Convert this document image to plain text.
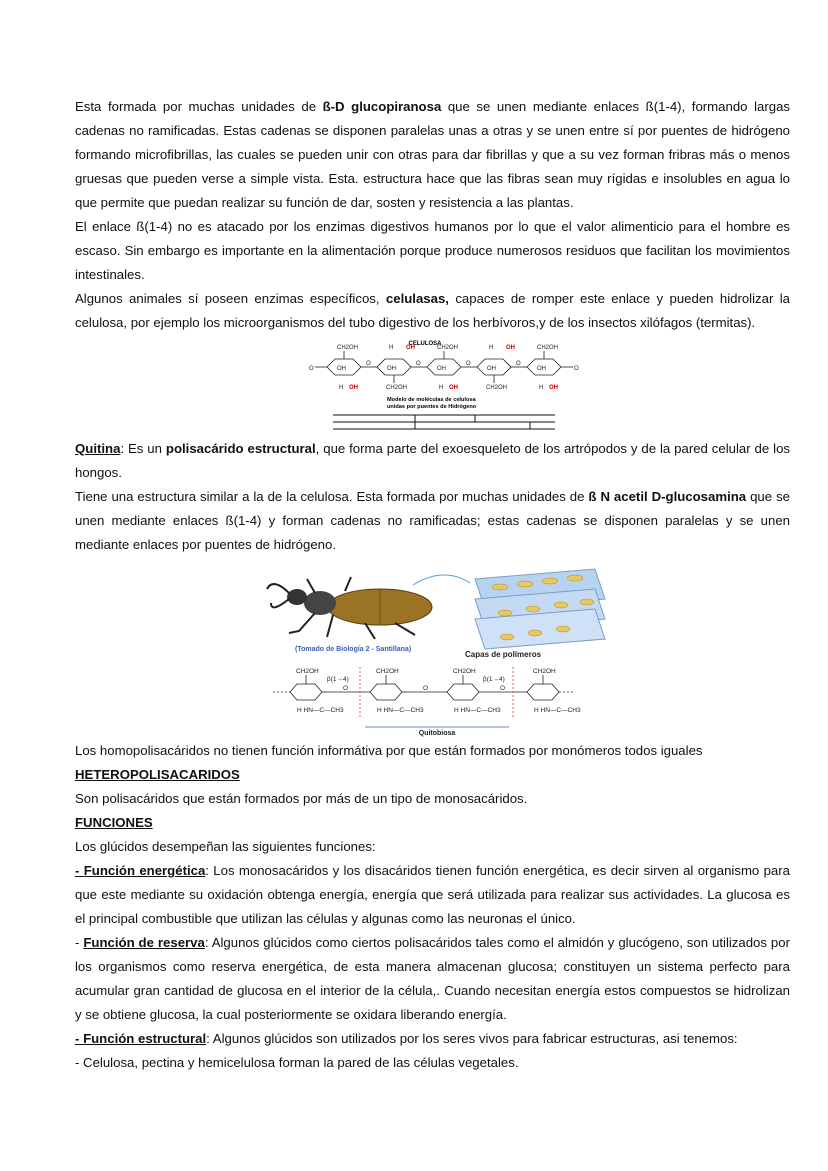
Esta formada por muchas unidades de ß-D glucopiranosa que se unen mediante enlaces ß(1-4), formando largas cadenas no ramificadas. Estas cadenas se disponen paralelas unas a otras y se unen entre sí por puentes de hidrógeno formando microfibrillas, las cuales se pueden unir con otras para dar fibrillas y que a su vez forman fribras más o menos gruesas que pueden verse a simple vista. Esta. estructura hace que las fibras sean muy rígidas e insolubles en agua lo que permite que puedan realizar su función de dar, sosten y resistencia a las plantas.

El enlace ß(1-4) no es atacado por los enzimas digestivos humanos por lo que el valor alimenticio para el hombre es escaso. Sin embargo es importante en la alimentación porque produce numerosos residuos que facilitan los movimientos intestinales.

Algunos animales sí poseen enzimas específicos, celulasas, capaces de romper este enlace y pueden hidrolizar la celulosa, por ejemplo los microorganismos del tubo digestivo de los herbívoros,y de los insectos xilófagos (termitas).

CELULOSA
CH2OH	H OH	CH2OH	H OH	CH2OH
O
O	O	O	O
O
OH	OH	OH	OH	OH
H OH	CH2OH	H OH	CH2OH	H OH
Modelo de moléculas de celulosa
unidas por puentes de Hidrógeno

Quitina: Es un polisacárido estructural, que forma parte del exoesqueleto de los artrópodos y de la pared celular de los hongos.

Tiene una estructura similar a la de la celulosa. Esta formada por muchas unidades de ß N acetil D-glucosamina que se unen mediante enlaces ß(1-4) y forman cadenas no ramificadas; estas cadenas se disponen paralelas y se unen mediante enlaces por puentes de hidrógeno.

(Tomado de Biología 2 - Santillana)
Capas de polímeros
CH2OH	CH2OH	CH2OH	CH2OH
β(1→4)	β(1→4)
O	O	O
H HN—C—CH3	H HN—C—CH3	H HN—C—CH3	H HN—C—CH3
Quitobiosa

Los homopolisacáridos no tienen función informátiva por que están formados por monómeros todos iguales

HETEROPOLISACARIDOS

Son polisacáridos que están formados por más de un tipo de monosacáridos.

FUNCIONES

Los glúcidos desempeñan las siguientes funciones:

- Función energética: Los monosacáridos y los disacáridos tienen función energética, es decir sirven al organismo para que este mediante su oxidación obtenga energía, energía que será utilizada para realizar sus actividades. La glucosa es el principal combustible que utilizan las células y algunas como las neuronas el único.

- Función de reserva: Algunos glúcidos como ciertos polisacáridos tales como el almidón y glucógeno, son utilizados por los organismos como reserva energética, de esta manera almacenan glucosa; constituyen un sistema perfecto para acumular gran cantidad de glucosa en el interior de la célula,. Cuando necesitan energía estos compuestos se hidrolizan y se obtiene glucosa, la cual posteriormente se oxidara liberando energía.

- Función estructural: Algunos glúcidos son utilizados por los seres vivos para fabricar estructuras, asi tenemos:

- Celulosa, pectina y hemicelulosa forman la pared de las células vegetales.
